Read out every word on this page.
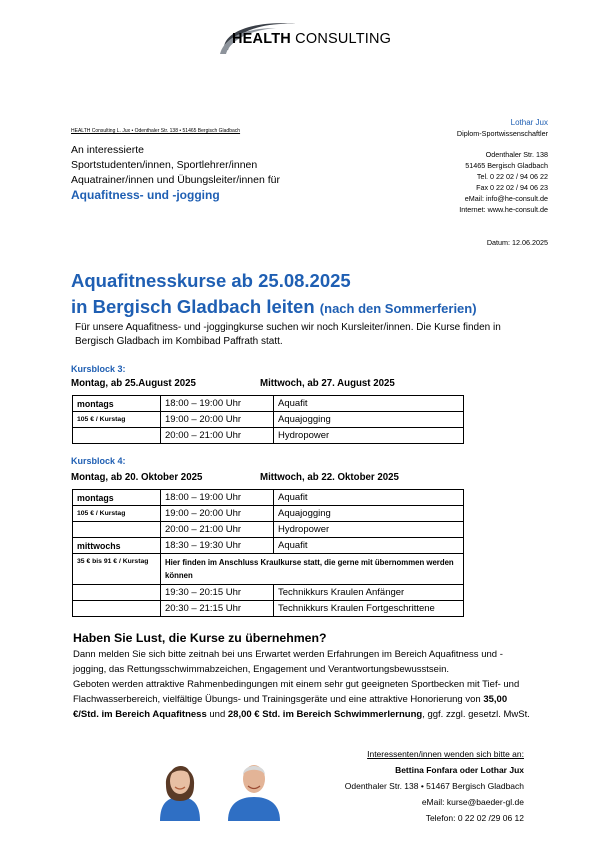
HEALTH CONSULTING
HEALTH Consulting L. Jux • Odenthaler Str. 138 • 51465 Bergisch Gladbach
An interessierte
Sportstudenten/innen, Sportlehrer/innen
Aquatrainer/innen und Übungsleiter/innen für
Aquafitness- und -jogging
Lothar Jux
Diplom-Sportwissenschaftler
Odenthaler Str. 138
51465 Bergisch Gladbach
Tel. 0 22 02 / 94 06 22
Fax 0 22 02 / 94 06 23
eMail: info@he-consult.de
Internet: www.he-consult.de
Datum: 12.06.2025
Aquafitnesskurse ab 25.08.2025
in Bergisch Gladbach leiten (nach den Sommerferien)
Für unsere Aquafitness- und -joggingkurse suchen wir noch Kursleiter/innen. Die Kurse finden in Bergisch Gladbach im Kombibad Paffrath statt.
Kursblock 3:
Montag, ab 25.August 2025	Mittwoch, ab 27. August 2025
montags	18:00 – 19:00 Uhr	Aquafit
105 € / Kurstag	19:00 – 20:00 Uhr	Aquajogging
	20:00 – 21:00 Uhr	Hydropower
Kursblock 4:
Montag, ab 20. Oktober 2025	Mittwoch, ab 22. Oktober 2025
montags	18:00 – 19:00 Uhr	Aquafit
105 € / Kurstag	19:00 – 20:00 Uhr	Aquajogging
	20:00 – 21:00 Uhr	Hydropower
mittwochs	18:30 – 19:30 Uhr	Aquafit
35 € bis 91 € / Kurstag	Hier finden im Anschluss Kraulkurse statt, die gerne mit übernommen werden können	
	19:30 – 20:15 Uhr	Technikkurs Kraulen Anfänger
	20:30 – 21:15 Uhr	Technikkurs Kraulen Fortgeschrittene
Haben Sie Lust, die Kurse zu übernehmen?

Dann melden Sie sich bitte zeitnah bei uns Erwartet werden Erfahrungen im Bereich Aquafitness und -jogging, das Rettungsschwimmabzeichen, Engagement und Verantwortungsbewusstsein.

Geboten werden attraktive Rahmenbedingungen mit einem sehr gut geeigneten Sportbecken mit Tief- und Flachwasserbereich, vielfältige Übungs- und Trainingsgeräte und eine attraktive Honorierung von 35,00 €/Std. im Bereich Aquafitness und 28,00 € Std. im Bereich Schwimmerlernung, ggf. zzgl. gesetzl. MwSt.

Interessenten/innen wenden sich bitte an:
Bettina Fonfara oder Lothar Jux
Odenthaler Str. 138 • 51467 Bergisch Gladbach
eMail: kurse@baeder-gl.de
Telefon: 0 22 02 /29 06 12
